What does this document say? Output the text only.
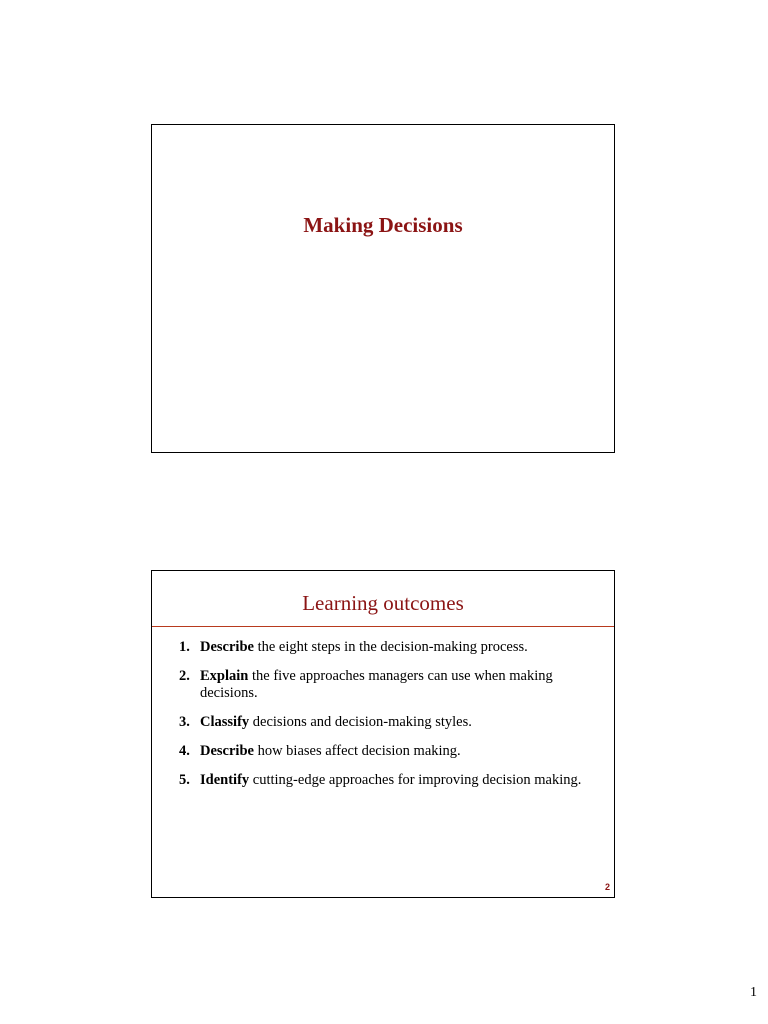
Making Decisions
Learning outcomes
1. Describe the eight steps in the decision-making process.
2. Explain the five approaches managers can use when making decisions.
3. Classify decisions and decision-making styles.
4. Describe how biases affect decision making.
5. Identify cutting-edge approaches for improving decision making.
2
1
